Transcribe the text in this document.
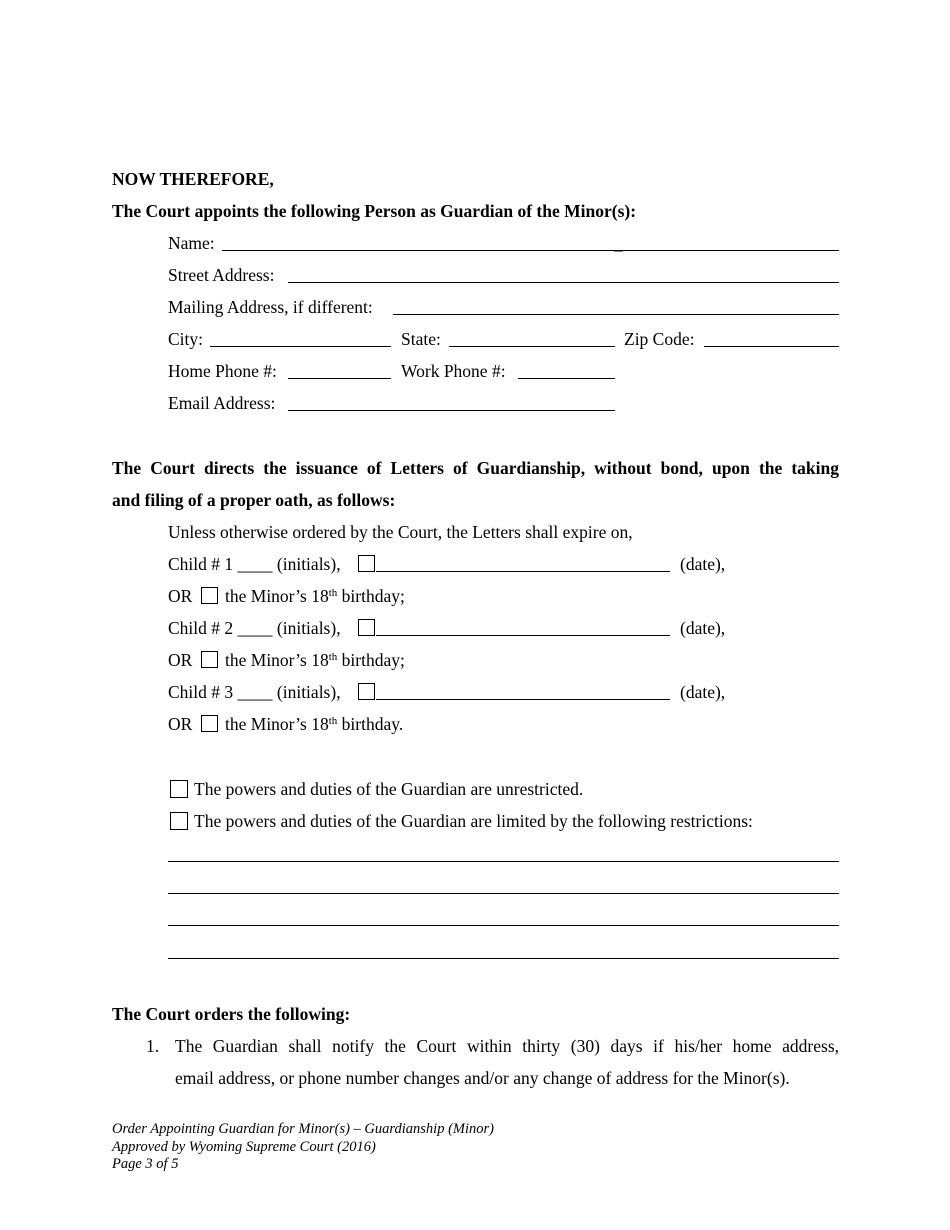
NOW THEREFORE,
The Court appoints the following Person as Guardian of the Minor(s):
Name:	_
Street Address:
Mailing Address, if different:
City:	State:	Zip Code:
Home Phone #:	Work Phone #:
Email Address:
The Court directs the issuance of Letters of Guardianship, without bond, upon the taking
and filing of a proper oath, as follows:
Unless otherwise ordered by the Court, the Letters shall expire on,
Child # 1 ____ (initials),	(date),
OR the Minor’s 18th birthday;
Child # 2 ____ (initials),	(date),
OR the Minor’s 18th birthday;
Child # 3 ____ (initials),	(date),
OR the Minor’s 18th birthday.
The powers and duties of the Guardian are unrestricted.
The powers and duties of the Guardian are limited by the following restrictions:
The Court orders the following:
1. The Guardian shall notify the Court within thirty (30) days if his/her home address,
email address, or phone number changes and/or any change of address for the Minor(s).
Order Appointing Guardian for Minor(s) – Guardianship (Minor)
Approved by Wyoming Supreme Court (2016)
Page 3 of 5
